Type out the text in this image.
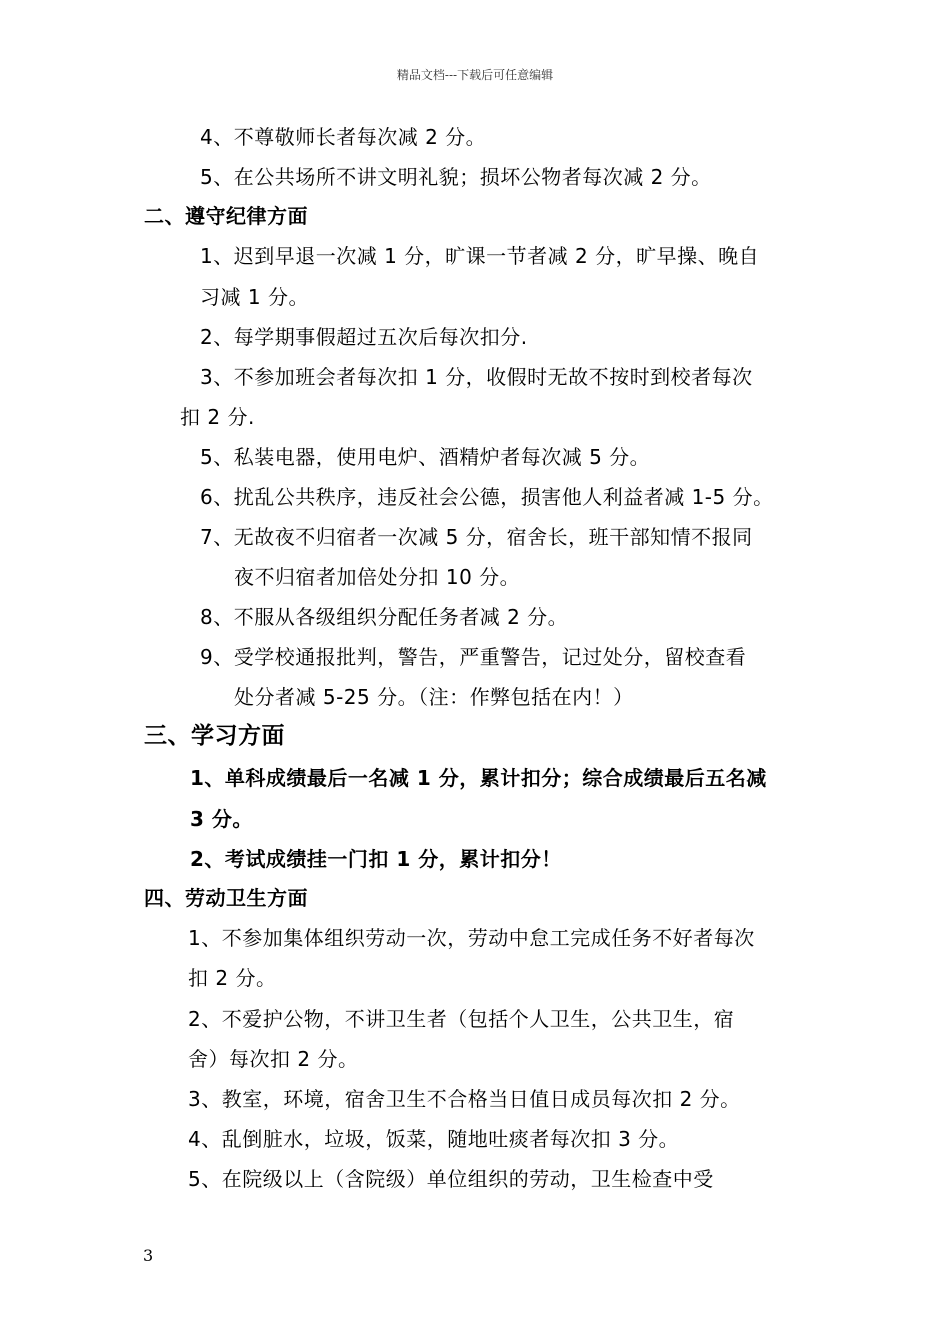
精品文档---下载后可任意编辑
4、不尊敬师长者每次减 2 分。
5、在公共场所不讲文明礼貌；损坏公物者每次减 2 分。
二、遵守纪律方面
1、迟到早退一次减 1 分，旷课一节者减 2 分，旷早操、晚自
习减 1 分。
2、每学期事假超过五次后每次扣分.
3、不参加班会者每次扣 1 分，收假时无故不按时到校者每次
扣 2 分.
5、私装电器，使用电炉、酒精炉者每次减 5 分。
6、扰乱公共秩序，违反社会公德，损害他人利益者减 1-5 分。
7、无故夜不归宿者一次减 5 分，宿舍长，班干部知情不报同
夜不归宿者加倍处分扣 10 分。
8、不服从各级组织分配任务者减 2 分。
9、受学校通报批判，警告，严重警告，记过处分，留校查看
处分者减 5-25 分。（注：作弊包括在内！）
三、学习方面
1、单科成绩最后一名减 1 分，累计扣分；综合成绩最后五名减
3 分。
2、考试成绩挂一门扣 1 分，累计扣分！
四、劳动卫生方面
1、不参加集体组织劳动一次，劳动中怠工完成任务不好者每次
扣 2 分。
2、不爱护公物，不讲卫生者（包括个人卫生，公共卫生，宿
舍）每次扣 2 分。
3、教室，环境，宿舍卫生不合格当日值日成员每次扣 2 分。
4、乱倒脏水，垃圾，饭菜，随地吐痰者每次扣 3 分。
5、在院级以上（含院级）单位组织的劳动，卫生检查中受
3
